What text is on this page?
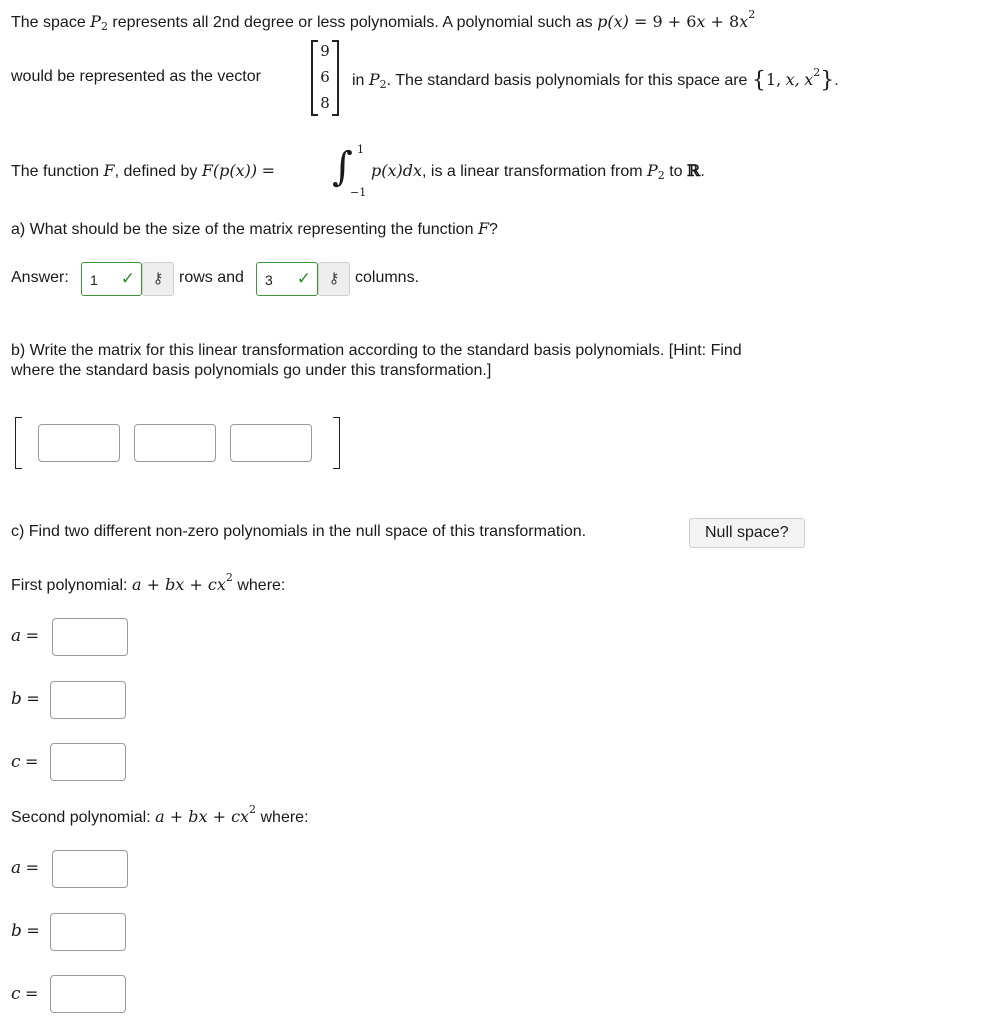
The space $P_2$ represents all 2nd degree or less polynomials. A polynomial such as $p(x) = 9 + 6x + 8x^2$
would be represented as the vector
9
6
8
in $P_2$. The standard basis polynomials for this space are {1, x, $x^2$}.
The function F, defined by F(p(x)) = ∫ 1
−1
p(x)dx, is a linear transformation from $P_2$ to ℝ.
a) What should be the size of the matrix representing the function F?
Answer: 1 ✓	⚷ rows and 3 ✓	⚷ columns.
b) Write the matrix for this linear transformation according to the standard basis polynomials. [Hint: Find
where the standard basis polynomials go under this transformation.]
c) Find two different non-zero polynomials in the null space of this transformation.	Null space?
First polynomial: a + bx + $cx^2$ where:
a =
b =
c =
Second polynomial: a + bx + $cx^2$ where:
a =
b =
c =
